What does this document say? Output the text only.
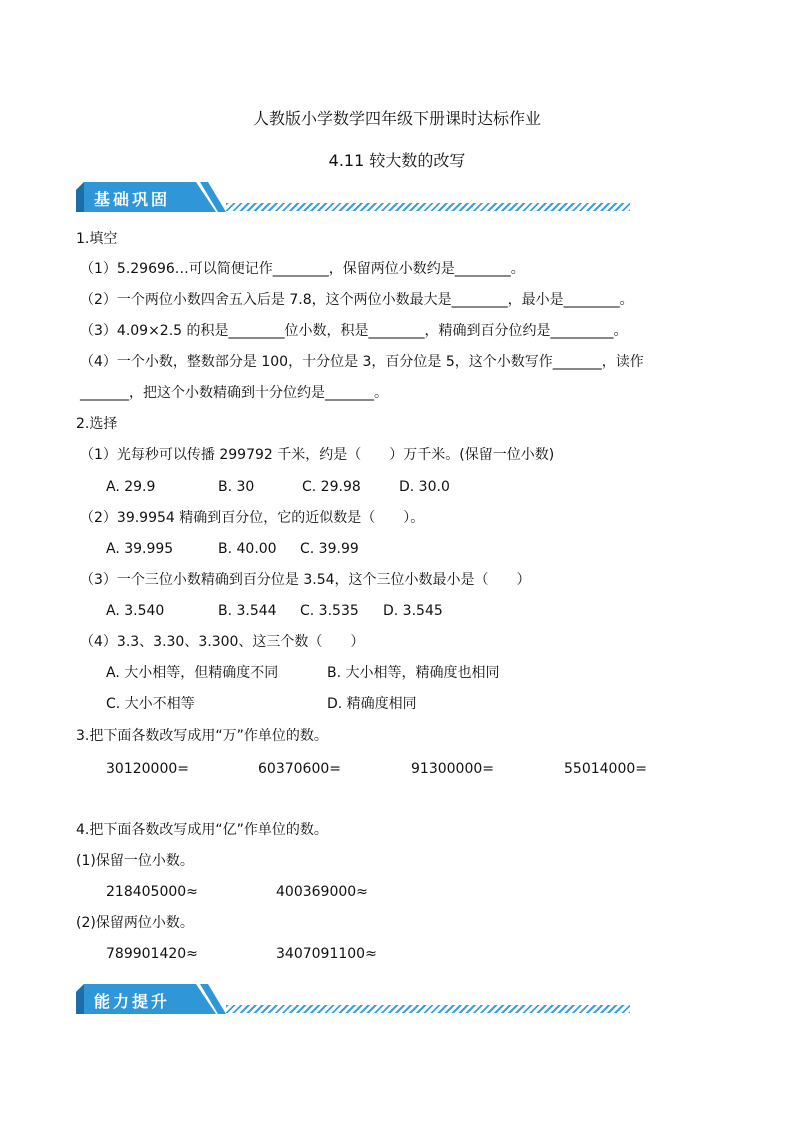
人教版小学数学四年级下册课时达标作业
4.11 较大数的改写
基础巩固
1.填空
（1）5.29696…可以简便记作________，保留两位小数约是________。
（2）一个两位小数四舍五入后是 7.8，这个两位小数最大是________，最小是________。
（3）4.09×2.5 的积是________位小数，积是________，精确到百分位约是_________。
（4）一个小数，整数部分是 100，十分位是 3，百分位是 5，这个小数写作_______，读作
_______，把这个小数精确到十分位约是_______。
2.选择
（1）光每秒可以传播 299792 千米，约是（　　）万千米。(保留一位小数)
A. 29.9	B. 30	C. 29.98	D. 30.0
（2）39.9954 精确到百分位，它的近似数是（　　）。
A. 39.995	B. 40.00 C. 39.99
（3）一个三位小数精确到百分位是 3.54，这个三位小数最小是（　　）
A. 3.540	B. 3.544 C. 3.535 D. 3.545
（4）3.3、3.30、3.300、这三个数（　　）
A. 大小相等，但精确度不同	B. 大小相等，精确度也相同
C. 大小不相等	D. 精确度相同
3.把下面各数改写成用“万”作单位的数。
30120000=	60370600=	91300000=	55014000=
4.把下面各数改写成用“亿”作单位的数。
(1)保留一位小数。
218405000≈	400369000≈
(2)保留两位小数。
789901420≈	3407091100≈
能力提升
